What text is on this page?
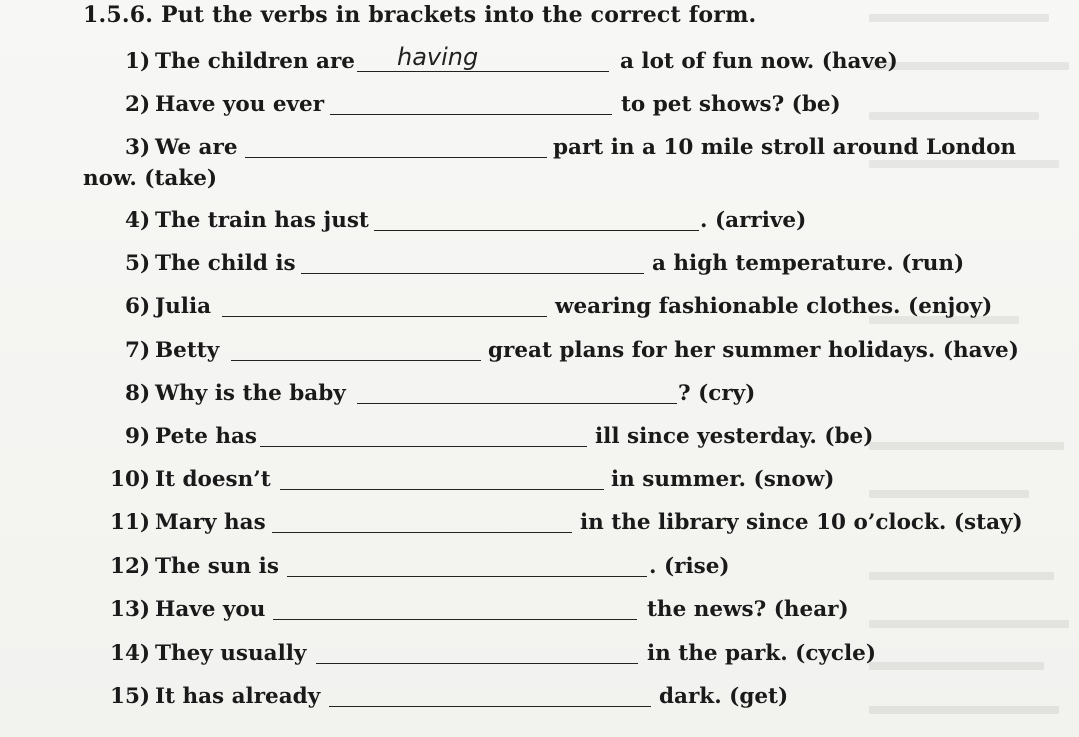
1.5.6. Put the verbs in brackets into the correct form.
1) The children are having	a lot of fun now. (have)
2) Have you ever	to pet shows? (be)
3) We are	part in a 10 mile stroll around London
now. (take)
4) The train has just	. (arrive)
5) The child is	a high temperature. (run)
6) Julia	wearing fashionable clothes. (enjoy)
7) Betty	great plans for her summer holidays. (have)
8) Why is the baby	? (cry)
9) Pete has	ill since yesterday. (be)
10) It doesn’t	in summer. (snow)
11) Mary has	in the library since 10 o’clock. (stay)
12) The sun is	. (rise)
13) Have you	the news? (hear)
14) They usually	in the park. (cycle)
15) It has already	dark. (get)
